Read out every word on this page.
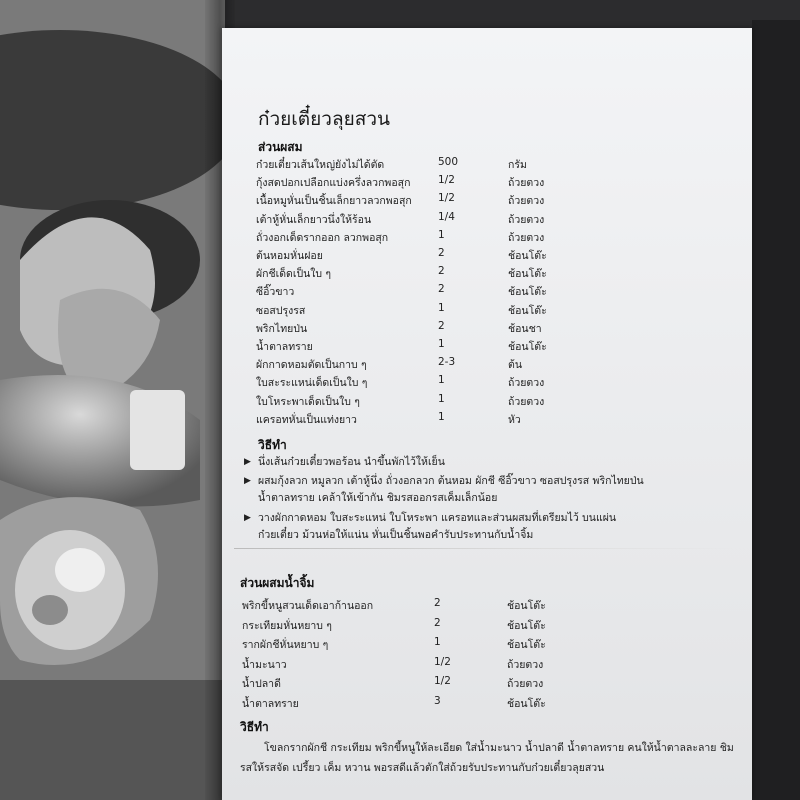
ก๋วยเตี๋ยวลุยสวน
ส่วนผสม
ก๋วยเตี๋ยวเส้นใหญ่ยังไม่ได้ตัด	500	กรัม
กุ้งสดปอกเปลือกแบ่งครึ่งลวกพอสุก	1/2	ถ้วยตวง
เนื้อหมูหั่นเป็นชิ้นเล็กยาวลวกพอสุก 1/2	ถ้วยตวง
เต้าหู้หั่นเล็กยาวนึ่งให้ร้อน	1/4	ถ้วยตวง
ถั่วงอกเด็ดรากออก ลวกพอสุก	1	ถ้วยตวง
ต้นหอมหั่นฝอย	2	ช้อนโต๊ะ
ผักชีเด็ดเป็นใบ ๆ	2	ช้อนโต๊ะ
ซีอิ๊วขาว	2	ช้อนโต๊ะ
ซอสปรุงรส	1	ช้อนโต๊ะ
พริกไทยป่น	2	ช้อนชา
น้ำตาลทราย	1	ช้อนโต๊ะ
ผักกาดหอมตัดเป็นกาบ ๆ	2-3	ต้น
ใบสะระแหน่เด็ดเป็นใบ ๆ	1	ถ้วยตวง
ใบโหระพาเด็ดเป็นใบ ๆ	1	ถ้วยตวง
แครอทหั่นเป็นแท่งยาว	1	หัว
วิธีทำ
▶ นึ่งเส้นก๋วยเตี๋ยวพอร้อน นำขึ้นพักไว้ให้เย็น
▶ ผสมกุ้งลวก หมูลวก เต้าหู้นึ่ง ถั่วงอกลวก ต้นหอม ผักชี ซีอิ๊วขาว ซอสปรุงรส พริกไทยป่น น้ำตาลทราย เคล้าให้เข้ากัน ชิมรสออกรสเค็มเล็กน้อย
▶ วางผักกาดหอม ใบสะระแหน่ ใบโหระพา แครอทและส่วนผสมที่เตรียมไว้ บนแผ่นก๋วยเตี๋ยว ม้วนห่อให้แน่น หั่นเป็นชิ้นพอคำรับประทานกับน้ำจิ้ม
ส่วนผสมน้ำจิ้ม
พริกขี้หนูสวนเด็ดเอาก้านออก	2	ช้อนโต๊ะ
กระเทียมหั่นหยาบ ๆ	2	ช้อนโต๊ะ
รากผักชีหั่นหยาบ ๆ	1	ช้อนโต๊ะ
น้ำมะนาว	1/2	ถ้วยตวง
น้ำปลาดี	1/2	ถ้วยตวง
น้ำตาลทราย	3	ช้อนโต๊ะ
วิธีทำ
โขลกรากผักชี กระเทียม พริกขี้หนูให้ละเอียด ใส่น้ำมะนาว น้ำปลาดี น้ำตาลทราย คนให้น้ำตาลละลาย ชิมรสให้รสจัด เปรี้ยว เค็ม หวาน พอรสดีแล้วตักใส่ถ้วยรับประทานกับก๋วยเตี๋ยวลุยสวน
